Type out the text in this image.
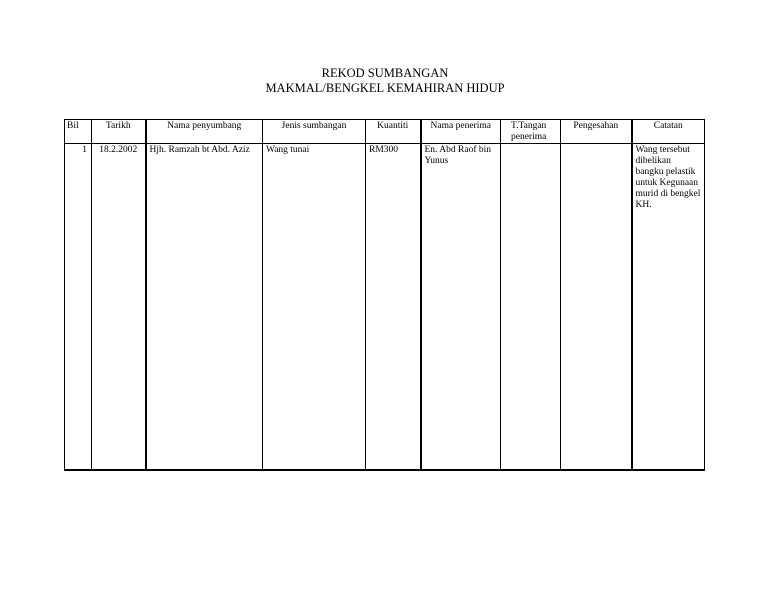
REKOD SUMBANGAN
MAKMAL/BENGKEL KEMAHIRAN HIDUP
Bil	Tarikh	Nama penyumbang	Jenis sumbangan	Kuantiti	Nama penerima	T.Tangan penerima	Pengesahan	Catatan
1	18.2.2002	Hjh. Ramzah bt Abd. Aziz	Wang tunai	RM300	En. Abd Raof bin Yunus			Wang tersebut dibelikan bangku pelastik untuk Kegunaan murid di bengkel KH.
